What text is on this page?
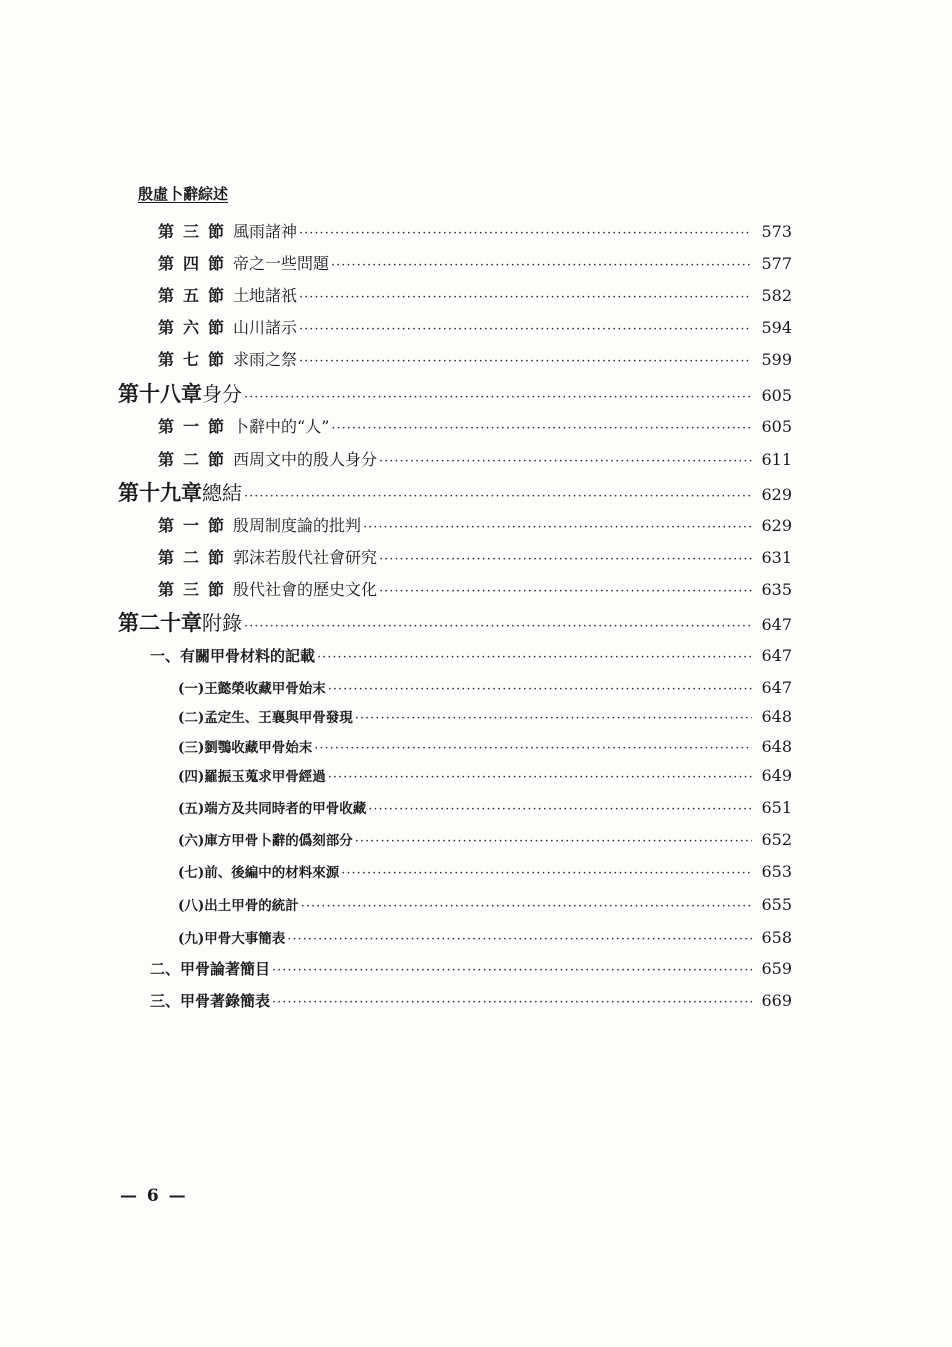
殷虛卜辭綜述
第三節 風雨諸神 ·····	573
第四節 帝之一些問題 ·····	577
第五節 土地諸祇 ·····	582
第六節 山川諸示 ·····	594
第七節 求雨之祭 ·····	599
第十八章 身分 ·····	605
第一節 卜辭中的“人” ·····	605
第二節 西周文中的殷人身分 ·····	611
第十九章 總結 ·····	629
第一節 殷周制度論的批判 ·····	629
第二節 郭沫若殷代社會研究 ·····	631
第三節 殷代社會的歷史文化 ·····	635
第二十章 附錄 ·····	647
一、有關甲骨材料的記載 ·····	647
(一)王懿榮收藏甲骨始末 ·····	647
(二)孟定生、王襄與甲骨發現 ·····	648
(三)劉鶚收藏甲骨始末 ·····	648
(四)羅振玉蒐求甲骨經過 ·····	649
(五)端方及共同時者的甲骨收藏 ·····	651
(六)庫方甲骨卜辭的僞刻部分 ·····	652
(七)前、後編中的材料來源 ·····	653
(八)出土甲骨的統計 ·····	655
(九)甲骨大事簡表 ·····	658
二、甲骨論著簡目 ·····	659
三、甲骨著錄簡表 ·····	669
— 6 —
